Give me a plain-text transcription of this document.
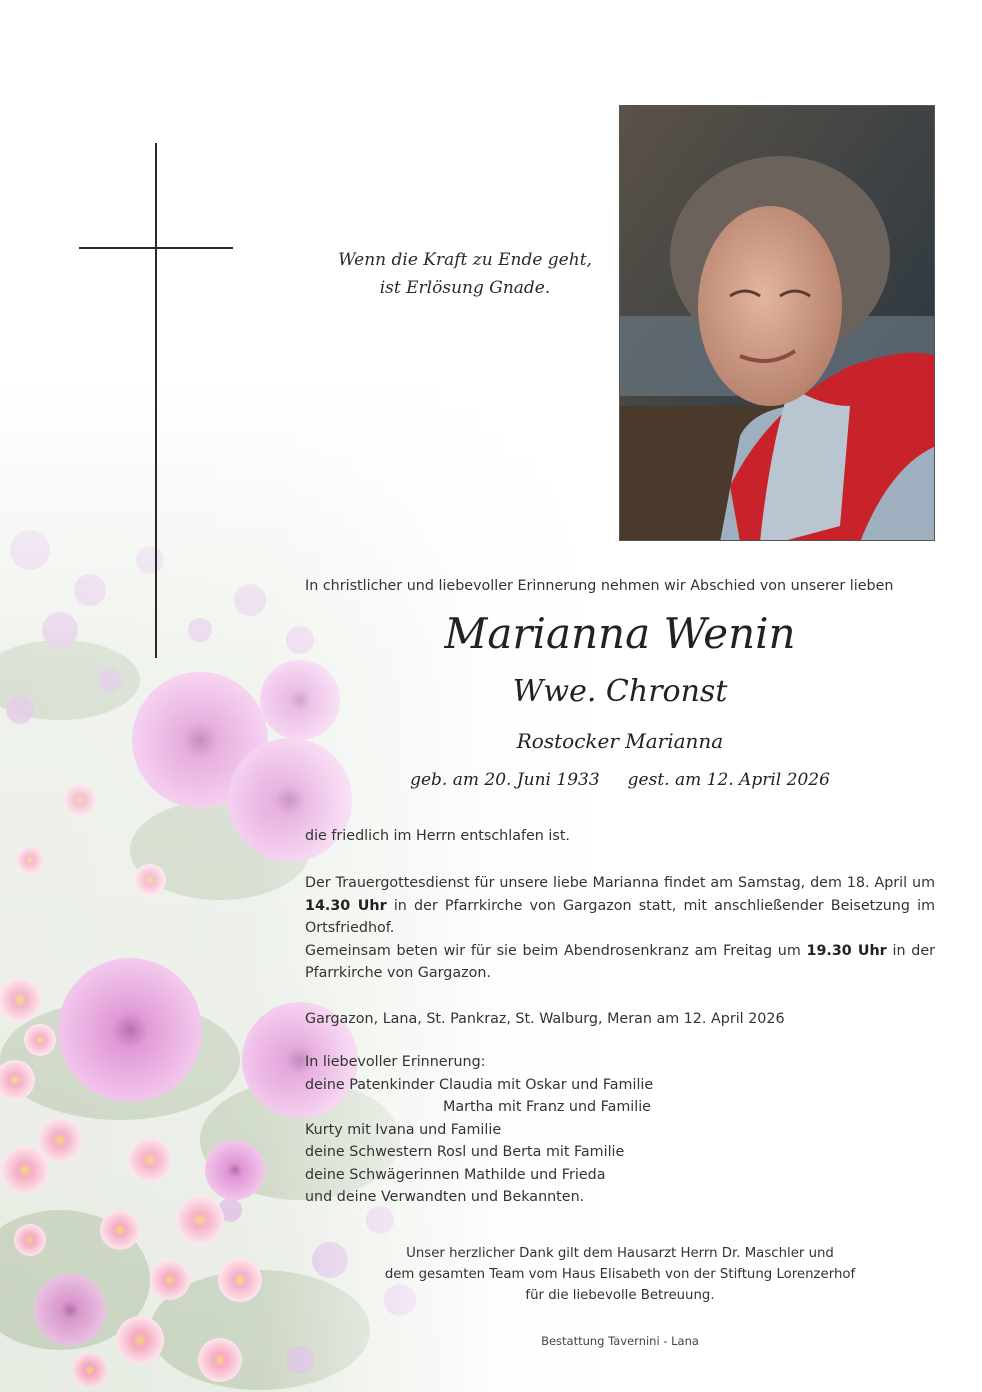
Wenn die Kraft zu Ende geht,
ist Erlösung Gnade.
In christlicher und liebevoller Erinnerung nehmen wir Abschied von unserer lieben
Marianna Wenin
Wwe. Chronst
Rostocker Marianna
geb. am 20. Juni 1933 gest. am 12. April 2026
die friedlich im Herrn entschlafen ist.
Der Trauergottesdienst für unsere liebe Marianna findet am Samstag, dem 18. April um 14.30 Uhr in der Pfarrkirche von Gargazon statt, mit anschließender Beisetzung im Ortsfriedhof.
Gemeinsam beten wir für sie beim Abendrosenkranz am Freitag um 19.30 Uhr in der Pfarrkirche von Gargazon.
Gargazon, Lana, St. Pankraz, St. Walburg, Meran am 12. April 2026
In liebevoller Erinnerung:
deine Patenkinder Claudia mit Oskar und Familie
Martha mit Franz und Familie
Kurty mit Ivana und Familie
deine Schwestern Rosl und Berta mit Familie
deine Schwägerinnen Mathilde und Frieda
und deine Verwandten und Bekannten.
Unser herzlicher Dank gilt dem Hausarzt Herrn Dr. Maschler und
dem gesamten Team vom Haus Elisabeth von der Stiftung Lorenzerhof
für die liebevolle Betreuung.
Bestattung Tavernini - Lana
